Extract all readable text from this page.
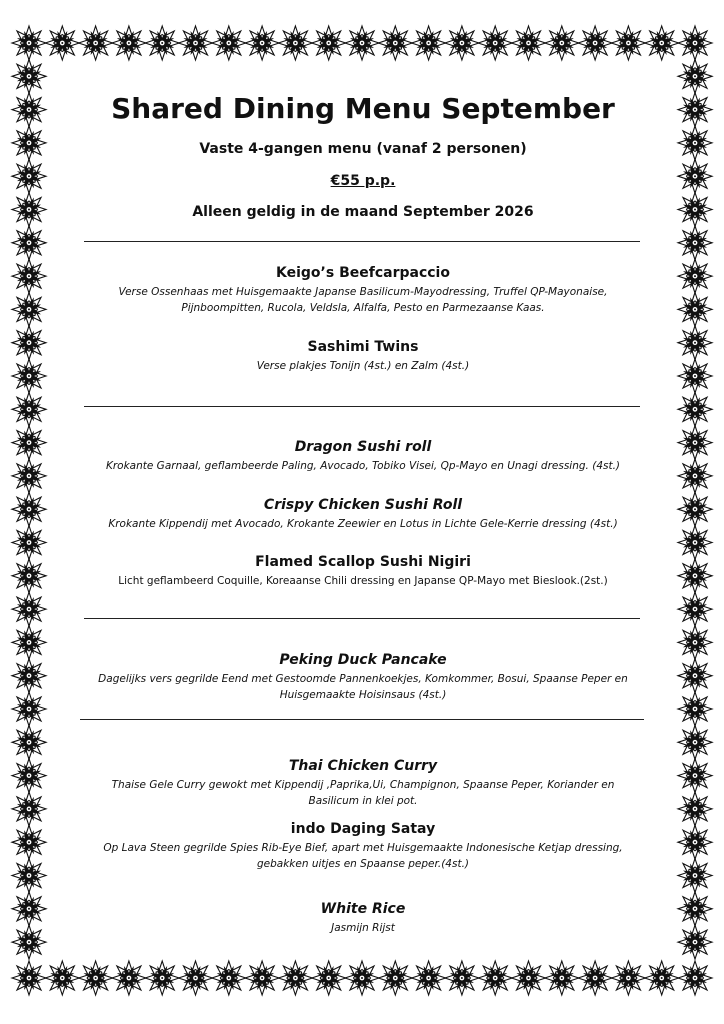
Shared Dining Menu September
Vaste 4-gangen menu (vanaf 2 personen)
€55 p.p.
Alleen geldig in de maand September 2026
Keigo’s Beefcarpaccio
Verse Ossenhaas met Huisgemaakte Japanse Basilicum-Mayodressing, Truffel QP-Mayonaise,
Pijnboompitten, Rucola, Veldsla, Alfalfa, Pesto en Parmezaanse Kaas.
Sashimi Twins
Verse plakjes Tonijn (4st.) en Zalm (4st.)
Dragon Sushi roll
Krokante Garnaal, geflambeerde Paling, Avocado, Tobiko Visei, Qp-Mayo en Unagi dressing. (4st.)
Crispy Chicken Sushi Roll
Krokante Kippendij met Avocado, Krokante Zeewier en Lotus in Lichte Gele-Kerrie dressing (4st.)
Flamed Scallop Sushi Nigiri
Licht geflambeerd Coquille, Koreaanse Chili dressing en Japanse QP-Mayo met Bieslook.(2st.)
Peking Duck Pancake
Dagelijks vers gegrilde Eend met Gestoomde Pannenkoekjes, Komkommer, Bosui, Spaanse Peper en
Huisgemaakte Hoisinsaus (4st.)
Thai Chicken Curry
Thaise Gele Curry gewokt met Kippendij ,Paprika,Ui, Champignon, Spaanse Peper, Koriander en
Basilicum in klei pot.
indo Daging Satay
Op Lava Steen gegrilde Spies Rib-Eye Bief, apart met Huisgemaakte Indonesische Ketjap dressing,
gebakken uitjes en Spaanse peper.(4st.)
White Rice
Jasmijn Rijst
